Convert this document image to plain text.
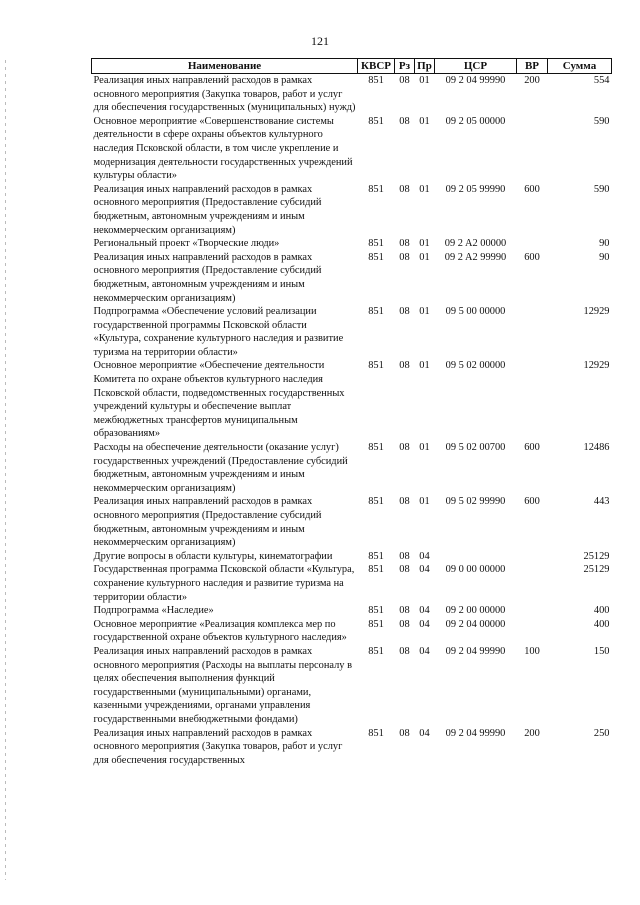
121
Наименование	КВСР	Рз	Пр	ЦСР	ВР	Сумма
Реализация иных направлений расходов в рамках основного мероприятия (Закупка товаров, работ и услуг для обеспечения государственных (муниципальных) нужд)	851	08	01	09 2 04 99990	200	554
Основное мероприятие «Совершенствование системы деятельности в сфере охраны объектов культурного наследия Псковской области, в том числе укрепление и модернизация деятельности государственных учреждений культуры области»	851	08	01	09 2 05 00000		590
Реализация иных направлений расходов в рамках основного мероприятия (Предоставление субсидий бюджетным, автономным учреждениям и иным некоммерческим организациям)	851	08	01	09 2 05 99990	600	590
Региональный проект «Творческие люди»	851	08	01	09 2 A2 00000		90
Реализация иных направлений расходов в рамках основного мероприятия (Предоставление субсидий бюджетным, автономным учреждениям и иным некоммерческим организациям)	851	08	01	09 2 A2 99990	600	90
Подпрограмма «Обеспечение условий реализации государственной программы Псковской области «Культура, сохранение культурного наследия и развитие туризма на территории области»	851	08	01	09 5 00 00000		12929
Основное мероприятие «Обеспечение деятельности Комитета по охране объектов культурного наследия Псковской области, подведомственных государственных учреждений культуры и обеспечение выплат межбюджетных трансфертов муниципальным образованиям»	851	08	01	09 5 02 00000		12929
Расходы на обеспечение деятельности (оказание услуг) государственных учреждений (Предоставление субсидий бюджетным, автономным учреждениям и иным некоммерческим организациям)	851	08	01	09 5 02 00700	600	12486
Реализация иных направлений расходов в рамках основного мероприятия (Предоставление субсидий бюджетным, автономным учреждениям и иным некоммерческим организациям)	851	08	01	09 5 02 99990	600	443
Другие вопросы в области культуры, кинематографии	851	08	04			25129
Государственная программа Псковской области «Культура, сохранение культурного наследия и развитие туризма на территории области»	851	08	04	09 0 00 00000		25129
Подпрограмма «Наследие»	851	08	04	09 2 00 00000		400
Основное мероприятие «Реализация комплекса мер по государственной охране объектов культурного наследия»	851	08	04	09 2 04 00000		400
Реализация иных направлений расходов в рамках основного мероприятия (Расходы на выплаты персоналу в целях обеспечения выполнения функций государственными (муниципальными) органами, казенными учреждениями, органами управления государственными внебюджетными фондами)	851	08	04	09 2 04 99990	100	150
Реализация иных направлений расходов в рамках основного мероприятия (Закупка товаров, работ и услуг для обеспечения государственных	851	08	04	09 2 04 99990	200	250
